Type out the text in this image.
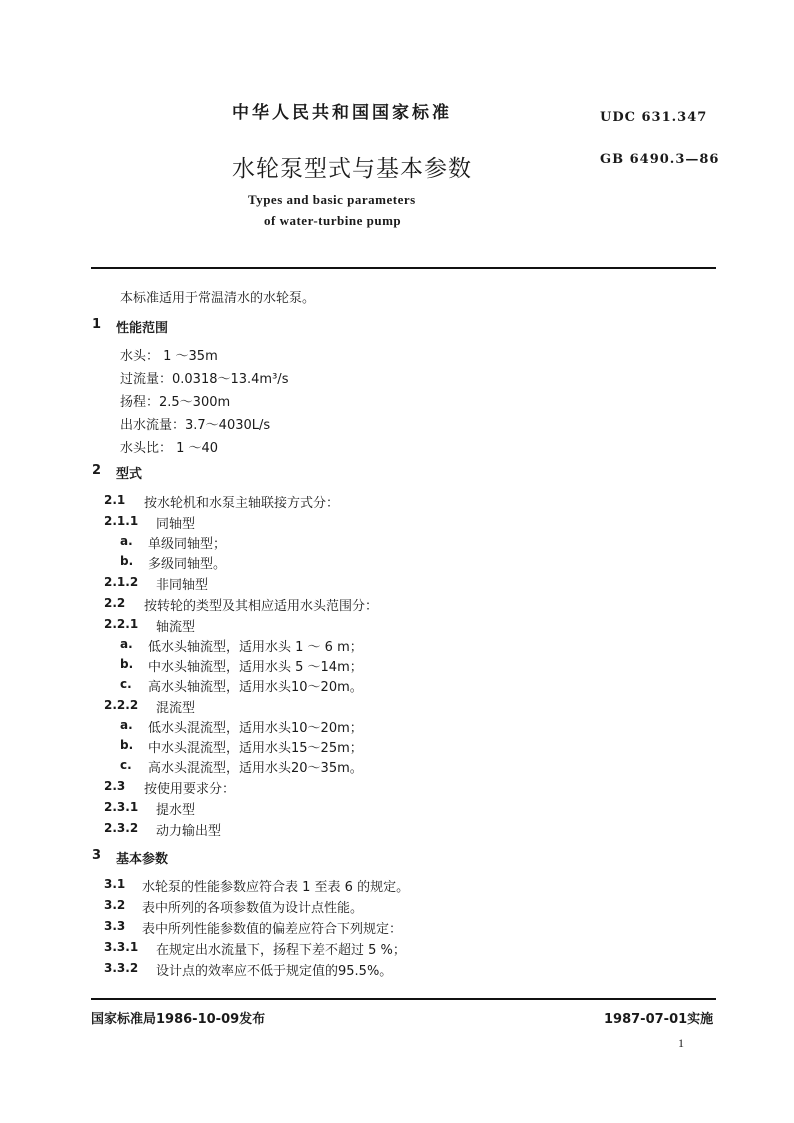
中华人民共和国国家标准	UDC 631.347
水轮泵型式与基本参数	GB 6490.3—86
Types and basic parameters
of water-turbine pump
本标准适用于常温清水的水轮泵。
1 性能范围
水头： 1 ～35m
过流量：0.0318～13.4m³/s
扬程：2.5～300m
出水流量：3.7～4030L/s
水头比： 1 ～40
2 型式
2.1 按水轮机和水泵主轴联接方式分：
2.1.1 同轴型
a. 单级同轴型；
b. 多级同轴型。
2.1.2 非同轴型
2.2 按转轮的类型及其相应适用水头范围分：
2.2.1 轴流型
a. 低水头轴流型，适用水头 1 ～ 6 m；
b. 中水头轴流型，适用水头 5 ～14m；
c. 高水头轴流型，适用水头10～20m。
2.2.2 混流型
a. 低水头混流型，适用水头10～20m；
b. 中水头混流型，适用水头15～25m；
c. 高水头混流型，适用水头20～35m。
2.3 按使用要求分：
2.3.1 提水型
2.3.2 动力输出型
3 基本参数
3.1 水轮泵的性能参数应符合表 1 至表 6 的规定。
3.2 表中所列的各项参数值为设计点性能。
3.3 表中所列性能参数值的偏差应符合下列规定：
3.3.1 在规定出水流量下，扬程下差不超过 5 %；
3.3.2 设计点的效率应不低于规定值的95.5%。
国家标准局1986-10-09发布	1987-07-01实施
1
